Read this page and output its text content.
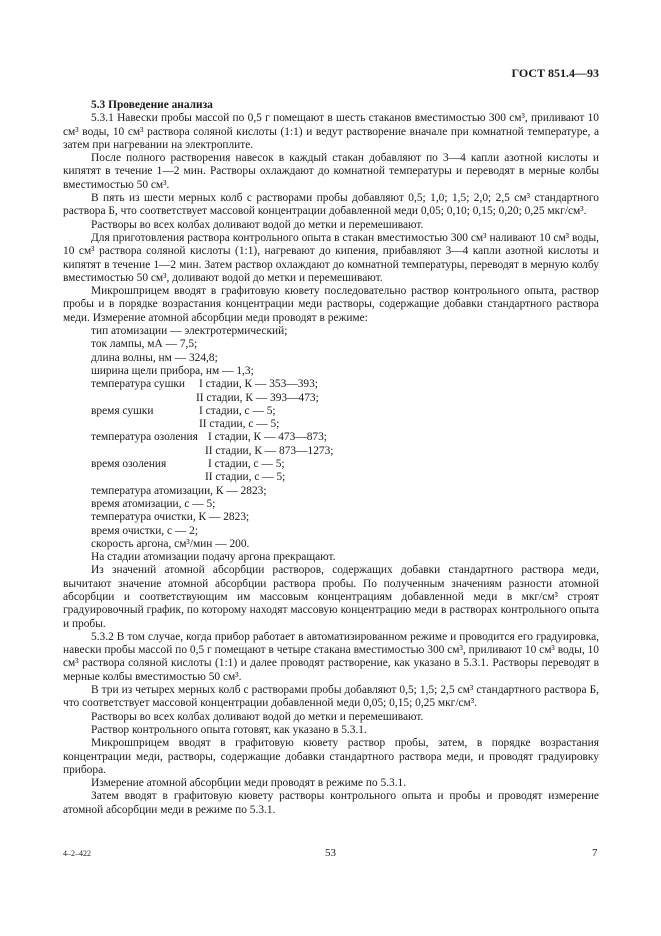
ГОСТ 851.4—93

5.3 Проведение анализа

5.3.1 Навески пробы массой по 0,5 г помещают в шесть стаканов вместимостью 300 см³, приливают 10 см³ воды, 10 см³ раствора соляной кислоты (1:1) и ведут растворение вначале при комнатной температуре, а затем при нагревании на электроплите.

После полного растворения навесок в каждый стакан добавляют по 3—4 капли азотной кислоты и кипятят в течение 1—2 мин. Растворы охлаждают до комнатной температуры и переводят в мерные колбы вместимостью 50 см³.

В пять из шести мерных колб с растворами пробы добавляют 0,5; 1,0; 1,5; 2,0; 2,5 см³ стандартного раствора Б, что соответствует массовой концентрации добавленной меди 0,05; 0,10; 0,15; 0,20; 0,25 мкг/см³.

Растворы во всех колбах доливают водой до метки и перемешивают.

Для приготовления раствора контрольного опыта в стакан вместимостью 300 см³ наливают 10 см³ воды, 10 см³ раствора соляной кислоты (1:1), нагревают до кипения, прибавляют 3—4 капли азотной кислоты и кипятят в течение 1—2 мин. Затем раствор охлаждают до комнатной температуры, переводят в мерную колбу вместимостью 50 см³, доливают водой до метки и перемешивают.

Микрошприцем вводят в графитовую кювету последовательно раствор контрольного опыта, раствор пробы и в порядке возрастания концентрации меди растворы, содержащие добавки стандартного раствора меди. Измерение атомной абсорбции меди проводят в режиме:

тип атомизации — электротермический;
ток лампы, мА — 7,5;
длина волны, нм — 324,8;
ширина щели прибора, нм — 1,3;
температура сушки	I стадии, К — 353—393;
II стадии, К — 393—473;
время сушки	I стадии, с — 5;
II стадии, с — 5;
температура озоления I стадии, К — 473—873;
II стадии, К — 873—1273;
время озоления	I стадии, с — 5;
II стадии, с — 5;
температура атомизации, К — 2823;
время атомизации, с — 5;
температура очистки, К — 2823;
время очистки, с — 2;
скорость аргона, см³/мин — 200.

На стадии атомизации подачу аргона прекращают.

Из значений атомной абсорбции растворов, содержащих добавки стандартного раствора меди, вычитают значение атомной абсорбции раствора пробы. По полученным значениям разности атомной абсорбции и соответствующим им массовым концентрациям добавленной меди в мкг/см³ строят градуировочный график, по которому находят массовую концентрацию меди в растворах контрольного опыта и пробы.

5.3.2 В том случае, когда прибор работает в автоматизированном режиме и проводится его градуировка, навески пробы массой по 0,5 г помещают в четыре стакана вместимостью 300 см³, приливают 10 см³ воды, 10 см³ раствора соляной кислоты (1:1) и далее проводят растворение, как указано в 5.3.1. Растворы переводят в мерные колбы вместимостью 50 см³.

В три из четырех мерных колб с растворами пробы добавляют 0,5; 1,5; 2,5 см³ стандартного раствора Б, что соответствует массовой концентрации добавленной меди 0,05; 0,15; 0,25 мкг/см³.

Растворы во всех колбах доливают водой до метки и перемешивают.

Раствор контрольного опыта готовят, как указано в 5.3.1.

Микрошприцем вводят в графитовую кювету раствор пробы, затем, в порядке возрастания концентрации меди, растворы, содержащие добавки стандартного раствора меди, и проводят градуировку прибора.

Измерение атомной абсорбции меди проводят в режиме по 5.3.1.

Затем вводят в графитовую кювету растворы контрольного опыта и пробы и проводят измерение атомной абсорбции меди в режиме по 5.3.1.

4–2–422	53	7
